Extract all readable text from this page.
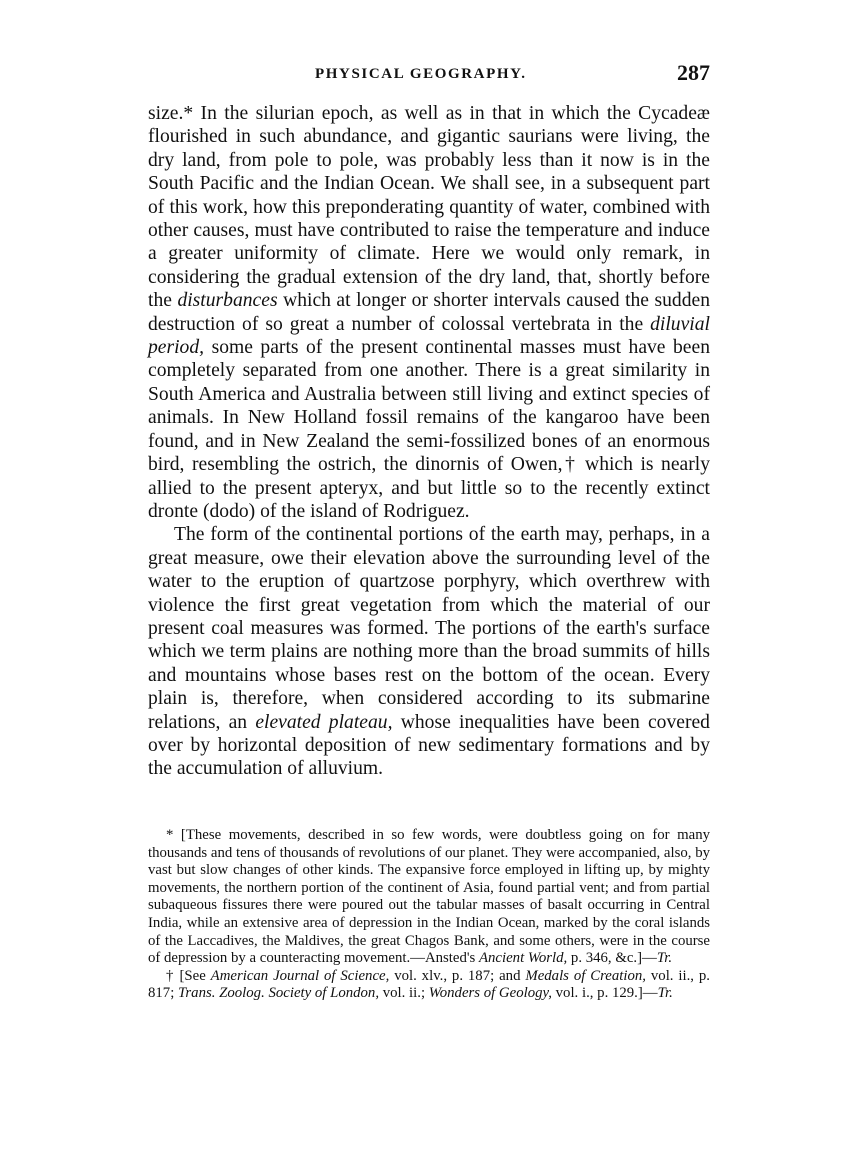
PHYSICAL GEOGRAPHY.	287

size.* In the silurian epoch, as well as in that in which the Cycadeæ flourished in such abundance, and gigantic saurians were living, the dry land, from pole to pole, was probably less than it now is in the South Pacific and the Indian Ocean. We shall see, in a subsequent part of this work, how this preponderating quantity of water, combined with other causes, must have contributed to raise the temperature and induce a greater uniformity of climate. Here we would only remark, in considering the gradual extension of the dry land, that, shortly before the disturbances which at longer or shorter intervals caused the sudden destruction of so great a number of colossal vertebrata in the diluvial period, some parts of the present continental masses must have been completely separated from one another. There is a great similarity in South America and Australia between still living and extinct species of animals. In New Holland fossil remains of the kangaroo have been found, and in New Zealand the semi-fossilized bones of an enormous bird, resembling the ostrich, the dinornis of Owen,† which is nearly allied to the present apteryx, and but little so to the recently extinct dronte (dodo) of the island of Rodriguez.

The form of the continental portions of the earth may, perhaps, in a great measure, owe their elevation above the surrounding level of the water to the eruption of quartzose porphyry, which overthrew with violence the first great vegetation from which the material of our present coal measures was formed. The portions of the earth's surface which we term plains are nothing more than the broad summits of hills and mountains whose bases rest on the bottom of the ocean. Every plain is, therefore, when considered according to its submarine relations, an elevated plateau, whose inequalities have been covered over by horizontal deposition of new sedimentary formations and by the accumulation of alluvium.

* [These movements, described in so few words, were doubtless going on for many thousands and tens of thousands of revolutions of our planet. They were accompanied, also, by vast but slow changes of other kinds. The expansive force employed in lifting up, by mighty movements, the northern portion of the continent of Asia, found partial vent; and from partial subaqueous fissures there were poured out the tabular masses of basalt occurring in Central India, while an extensive area of depression in the Indian Ocean, marked by the coral islands of the Laccadives, the Maldives, the great Chagos Bank, and some others, were in the course of depression by a counteracting movement.—Ansted's Ancient World, p. 346, &c.]—Tr.

† [See American Journal of Science, vol. xlv., p. 187; and Medals of Creation, vol. ii., p. 817; Trans. Zoolog. Society of London, vol. ii.; Wonders of Geology, vol. i., p. 129.]—Tr.
